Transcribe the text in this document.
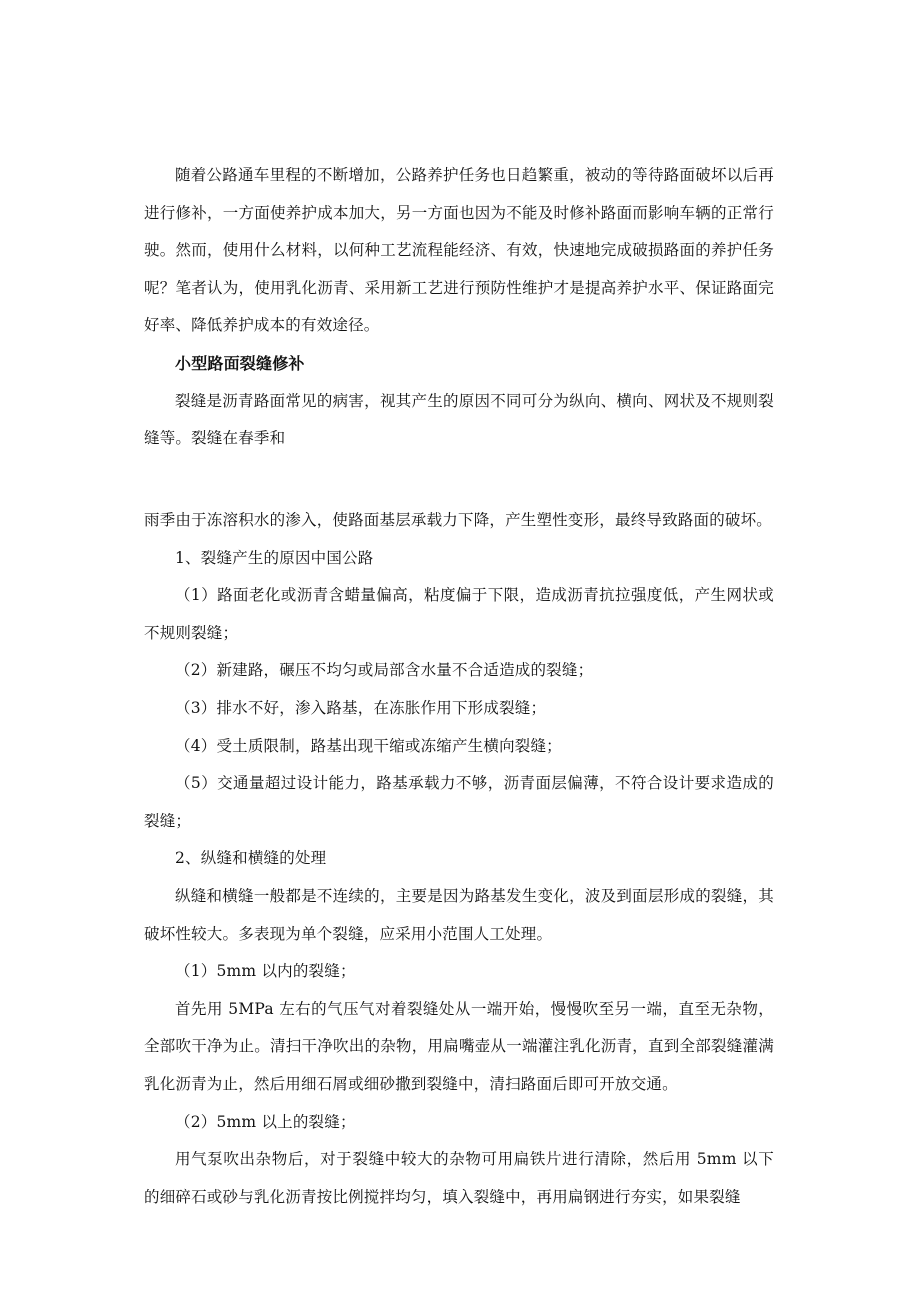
随着公路通车里程的不断增加，公路养护任务也日趋繁重，被动的等待路面破坏以后再进行修补，一方面使养护成本加大，另一方面也因为不能及时修补路面而影响车辆的正常行驶。然而，使用什么材料，以何种工艺流程能经济、有效，快速地完成破损路面的养护任务呢？笔者认为，使用乳化沥青、采用新工艺进行预防性维护才是提高养护水平、保证路面完好率、降低养护成本的有效途径。

小型路面裂缝修补

裂缝是沥青路面常见的病害，视其产生的原因不同可分为纵向、横向、网状及不规则裂缝等。裂缝在春季和

雨季由于冻溶积水的渗入，使路面基层承载力下降，产生塑性变形，最终导致路面的破坏。

1、裂缝产生的原因中国公路

（1）路面老化或沥青含蜡量偏高，粘度偏于下限，造成沥青抗拉强度低，产生网状或不规则裂缝；

（2）新建路，碾压不均匀或局部含水量不合适造成的裂缝；

（3）排水不好，渗入路基，在冻胀作用下形成裂缝；

（4）受土质限制，路基出现干缩或冻缩产生横向裂缝；

（5）交通量超过设计能力，路基承载力不够，沥青面层偏薄，不符合设计要求造成的裂缝；

2、纵缝和横缝的处理

纵缝和横缝一般都是不连续的，主要是因为路基发生变化，波及到面层形成的裂缝，其破坏性较大。多表现为单个裂缝，应采用小范围人工处理。

（1）5mm 以内的裂缝；

首先用 5MPa 左右的气压气对着裂缝处从一端开始，慢慢吹至另一端，直至无杂物，全部吹干净为止。清扫干净吹出的杂物，用扁嘴壶从一端灌注乳化沥青，直到全部裂缝灌满乳化沥青为止，然后用细石屑或细砂撒到裂缝中，清扫路面后即可开放交通。

（2）5mm 以上的裂缝；

用气泵吹出杂物后，对于裂缝中较大的杂物可用扁铁片进行清除，然后用 5mm 以下的细碎石或砂与乳化沥青按比例搅拌均匀，填入裂缝中，再用扁钢进行夯实，如果裂缝
